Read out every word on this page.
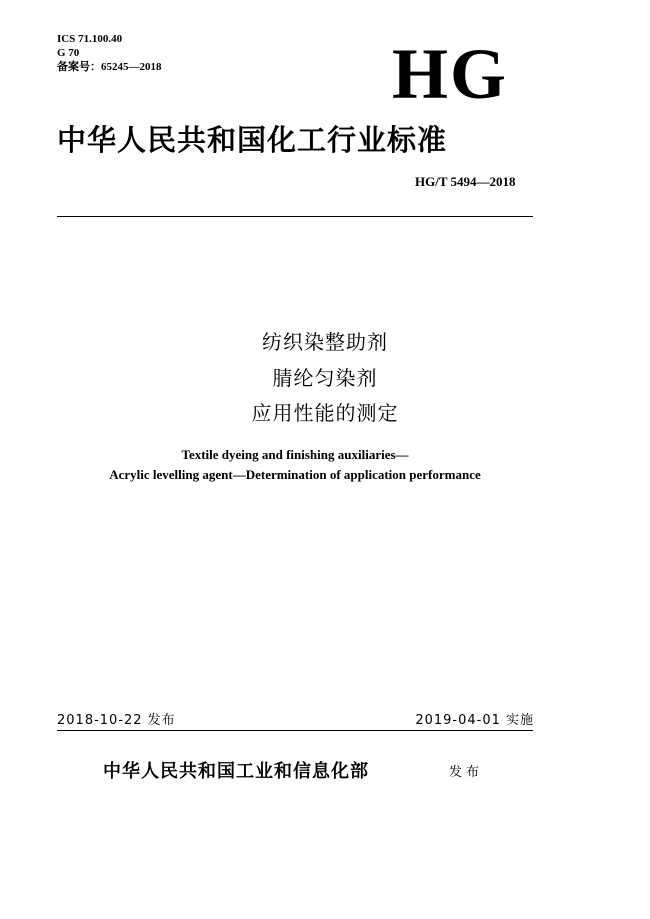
ICS 71.100.40
G 70
备案号：65245—2018	HG
中华人民共和国化工行业标准
HG/T 5494—2018
纺织染整助剂
腈纶匀染剂
应用性能的测定
Textile dyeing and finishing auxiliaries—
Acrylic levelling agent—Determination of application performance
2018-10-22 发布	2019-04-01 实施
中华人民共和国工业和信息化部	发布
